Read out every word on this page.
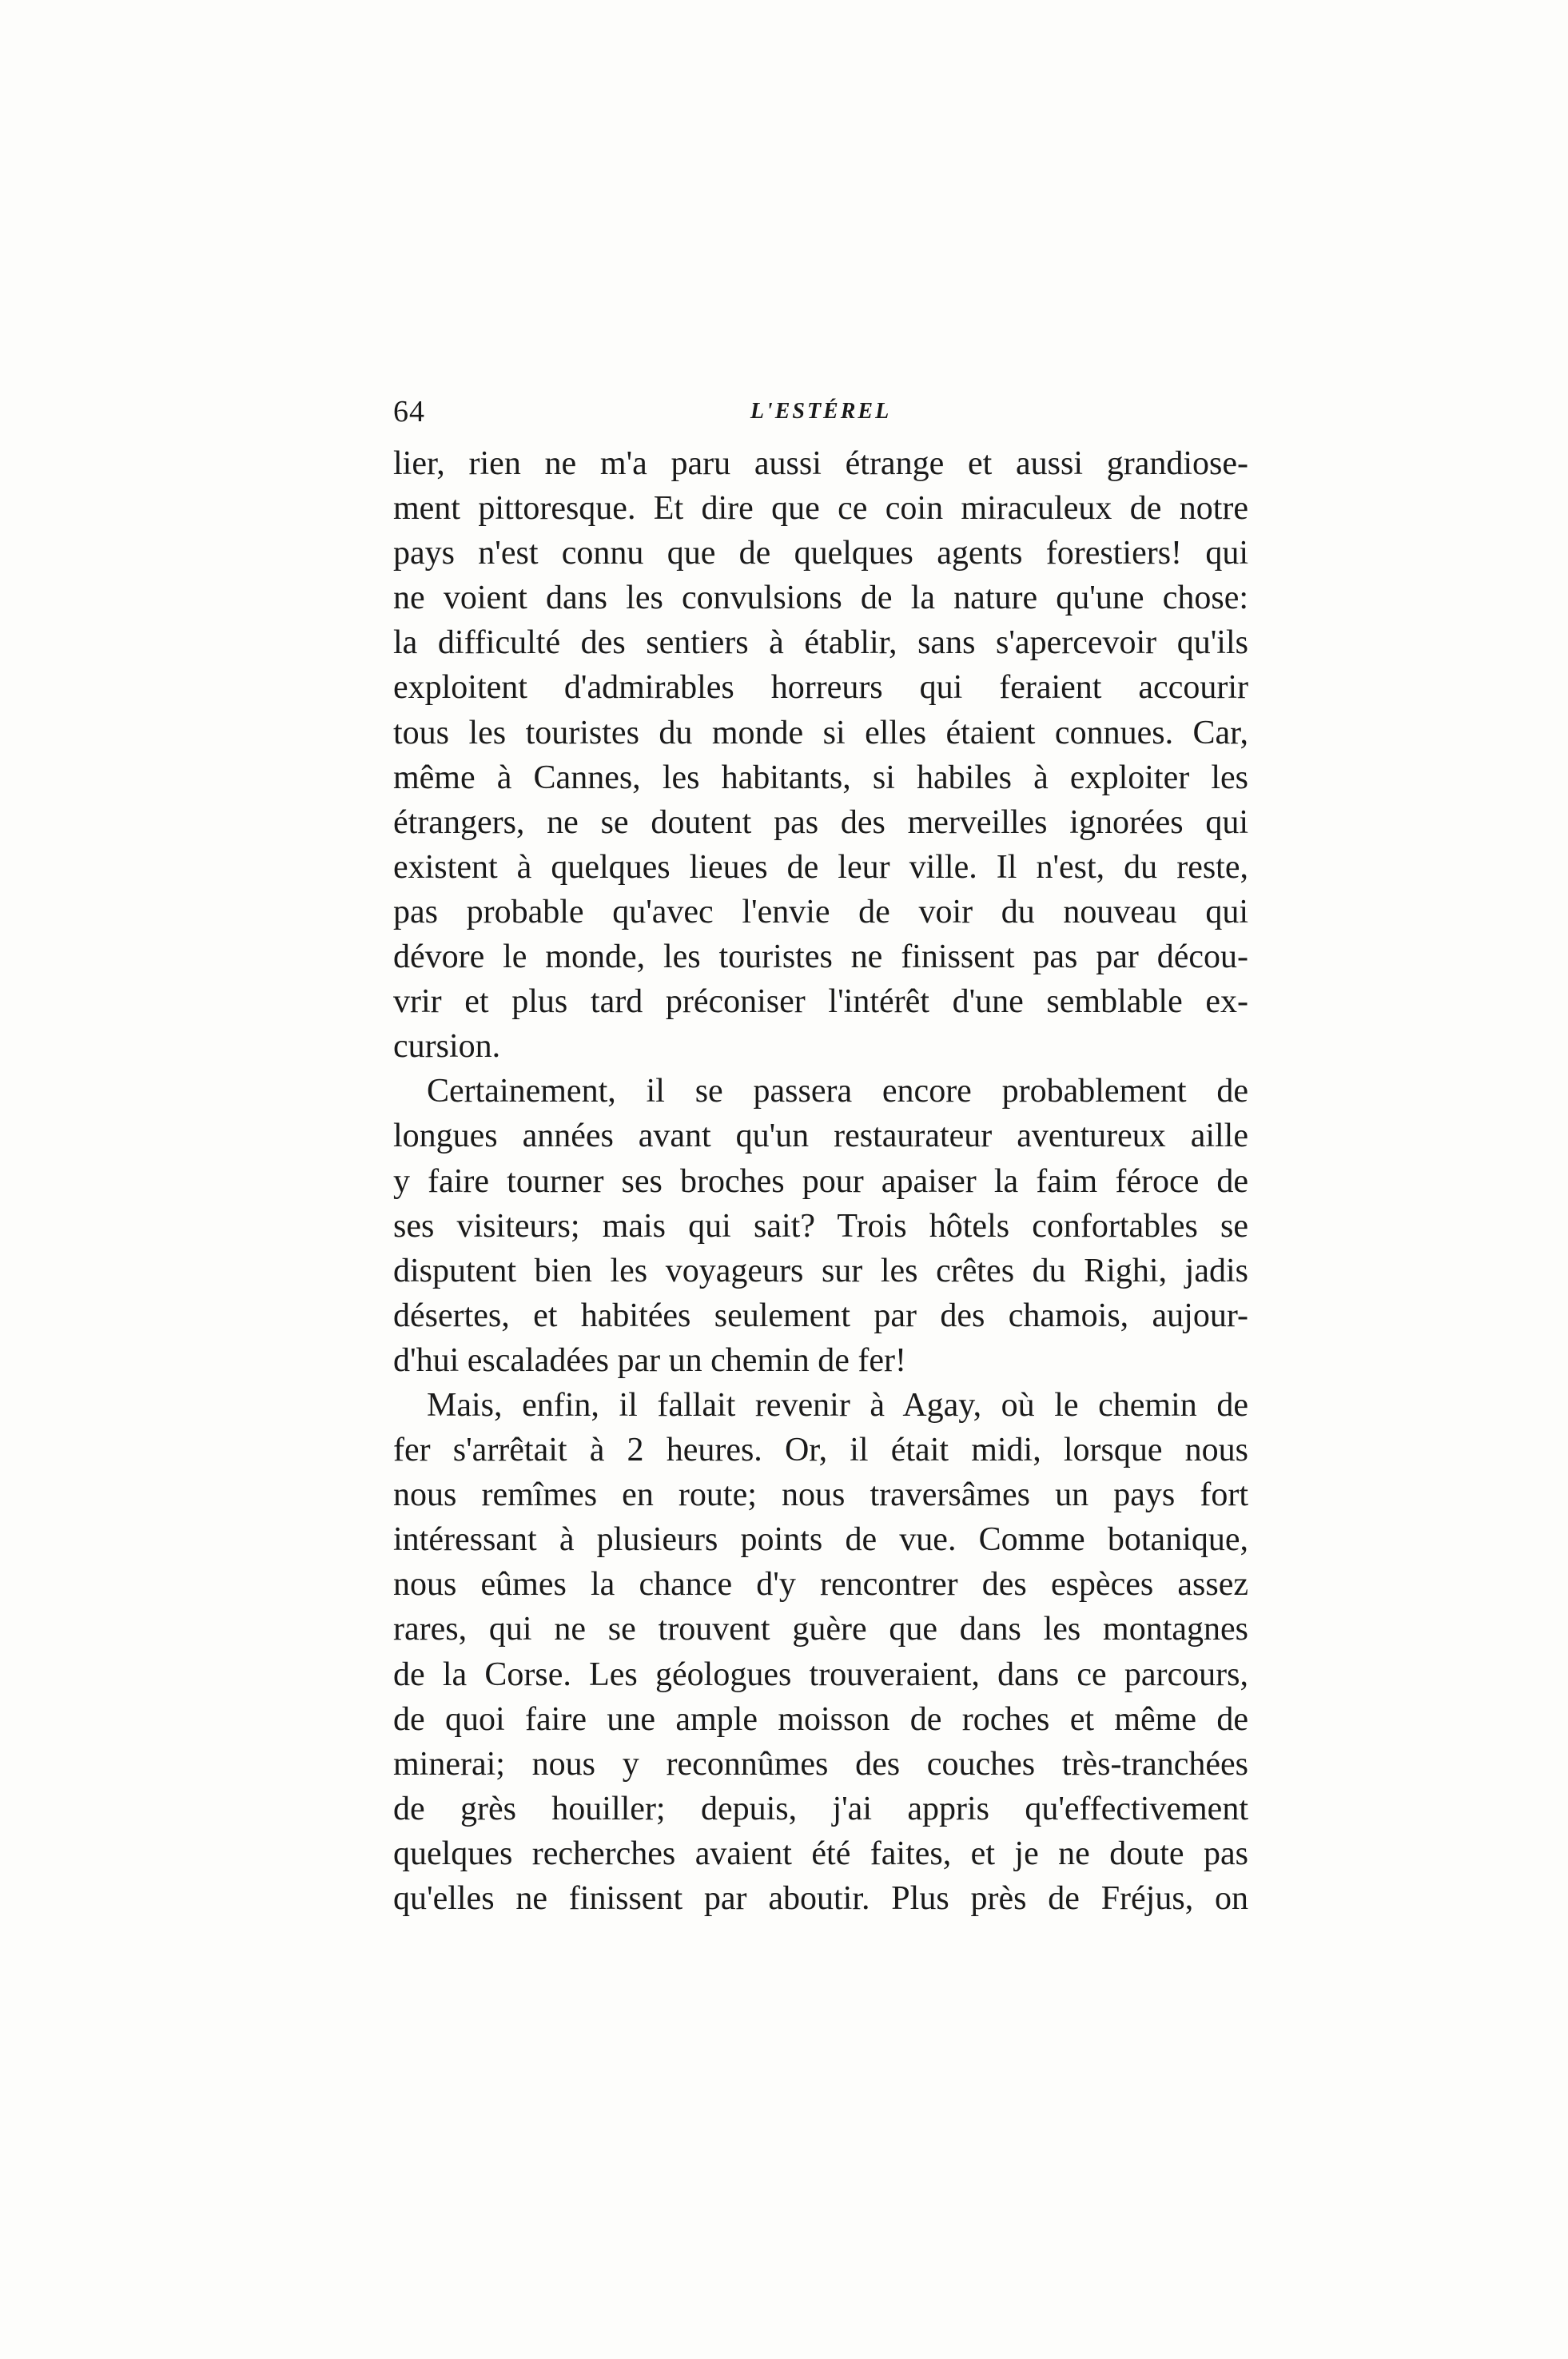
64	L'ESTÉREL
lier, rien ne m'a paru aussi étrange et aussi grandiose-
ment pittoresque. Et dire que ce coin miraculeux de notre
pays n'est connu que de quelques agents forestiers! qui
ne voient dans les convulsions de la nature qu'une chose:
la difficulté des sentiers à établir, sans s'apercevoir qu'ils
exploitent d'admirables horreurs qui feraient accourir
tous les touristes du monde si elles étaient connues. Car,
même à Cannes, les habitants, si habiles à exploiter les
étrangers, ne se doutent pas des merveilles ignorées qui
existent à quelques lieues de leur ville. Il n'est, du reste,
pas probable qu'avec l'envie de voir du nouveau qui
dévore le monde, les touristes ne finissent pas par décou-
vrir et plus tard préconiser l'intérêt d'une semblable ex-
cursion.
Certainement, il se passera encore probablement de
longues années avant qu'un restaurateur aventureux aille
y faire tourner ses broches pour apaiser la faim féroce de
ses visiteurs; mais qui sait? Trois hôtels confortables se
disputent bien les voyageurs sur les crêtes du Righi, jadis
désertes, et habitées seulement par des chamois, aujour-
d'hui escaladées par un chemin de fer!
Mais, enfin, il fallait revenir à Agay, où le chemin de
fer s'arrêtait à 2 heures. Or, il était midi, lorsque nous
nous remîmes en route; nous traversâmes un pays fort
intéressant à plusieurs points de vue. Comme botanique,
nous eûmes la chance d'y rencontrer des espèces assez
rares, qui ne se trouvent guère que dans les montagnes
de la Corse. Les géologues trouveraient, dans ce parcours,
de quoi faire une ample moisson de roches et même de
minerai; nous y reconnûmes des couches très-tranchées
de grès houiller; depuis, j'ai appris qu'effectivement
quelques recherches avaient été faites, et je ne doute pas
qu'elles ne finissent par aboutir. Plus près de Fréjus, on
